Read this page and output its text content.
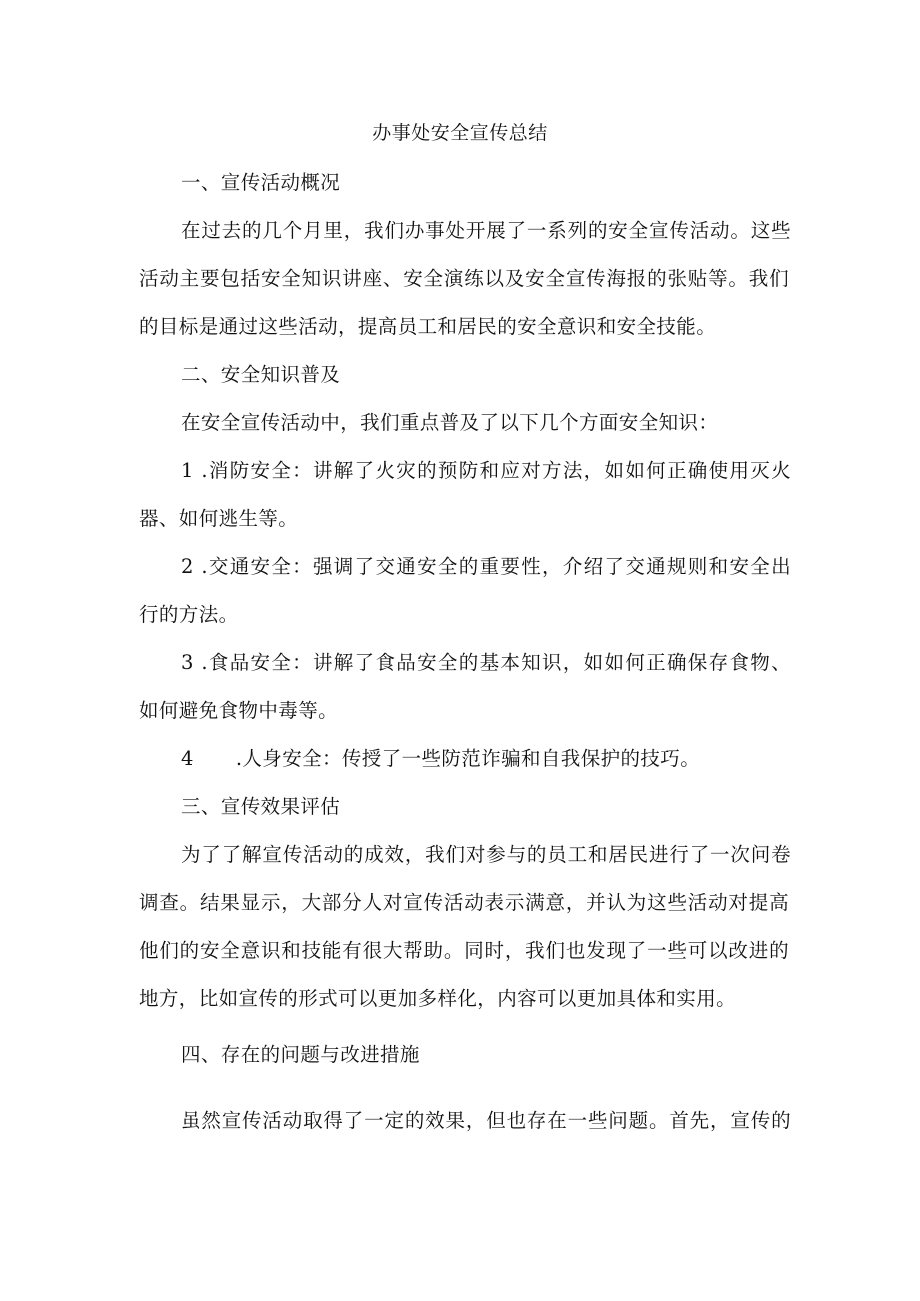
办事处安全宣传总结
一、宣传活动概况
在过去的几个月里，我们办事处开展了一系列的安全宣传活动。这些
活动主要包括安全知识讲座、安全演练以及安全宣传海报的张贴等。我们
的目标是通过这些活动，提高员工和居民的安全意识和安全技能。
二、安全知识普及
在安全宣传活动中，我们重点普及了以下几个方面安全知识：
1 .消防安全：讲解了火灾的预防和应对方法，如如何正确使用灭火
器、如何逃生等。
2 .交通安全：强调了交通安全的重要性，介绍了交通规则和安全出
行的方法。
3 .食品安全：讲解了食品安全的基本知识，如如何正确保存食物、
如何避免食物中毒等。
4 .人身安全：传授了一些防范诈骗和自我保护的技巧。
三、宣传效果评估
为了了解宣传活动的成效，我们对参与的员工和居民进行了一次问卷
调查。结果显示，大部分人对宣传活动表示满意，并认为这些活动对提高
他们的安全意识和技能有很大帮助。同时，我们也发现了一些可以改进的
地方，比如宣传的形式可以更加多样化，内容可以更加具体和实用。
四、存在的问题与改进措施
虽然宣传活动取得了一定的效果，但也存在一些问题。首先，宣传的
